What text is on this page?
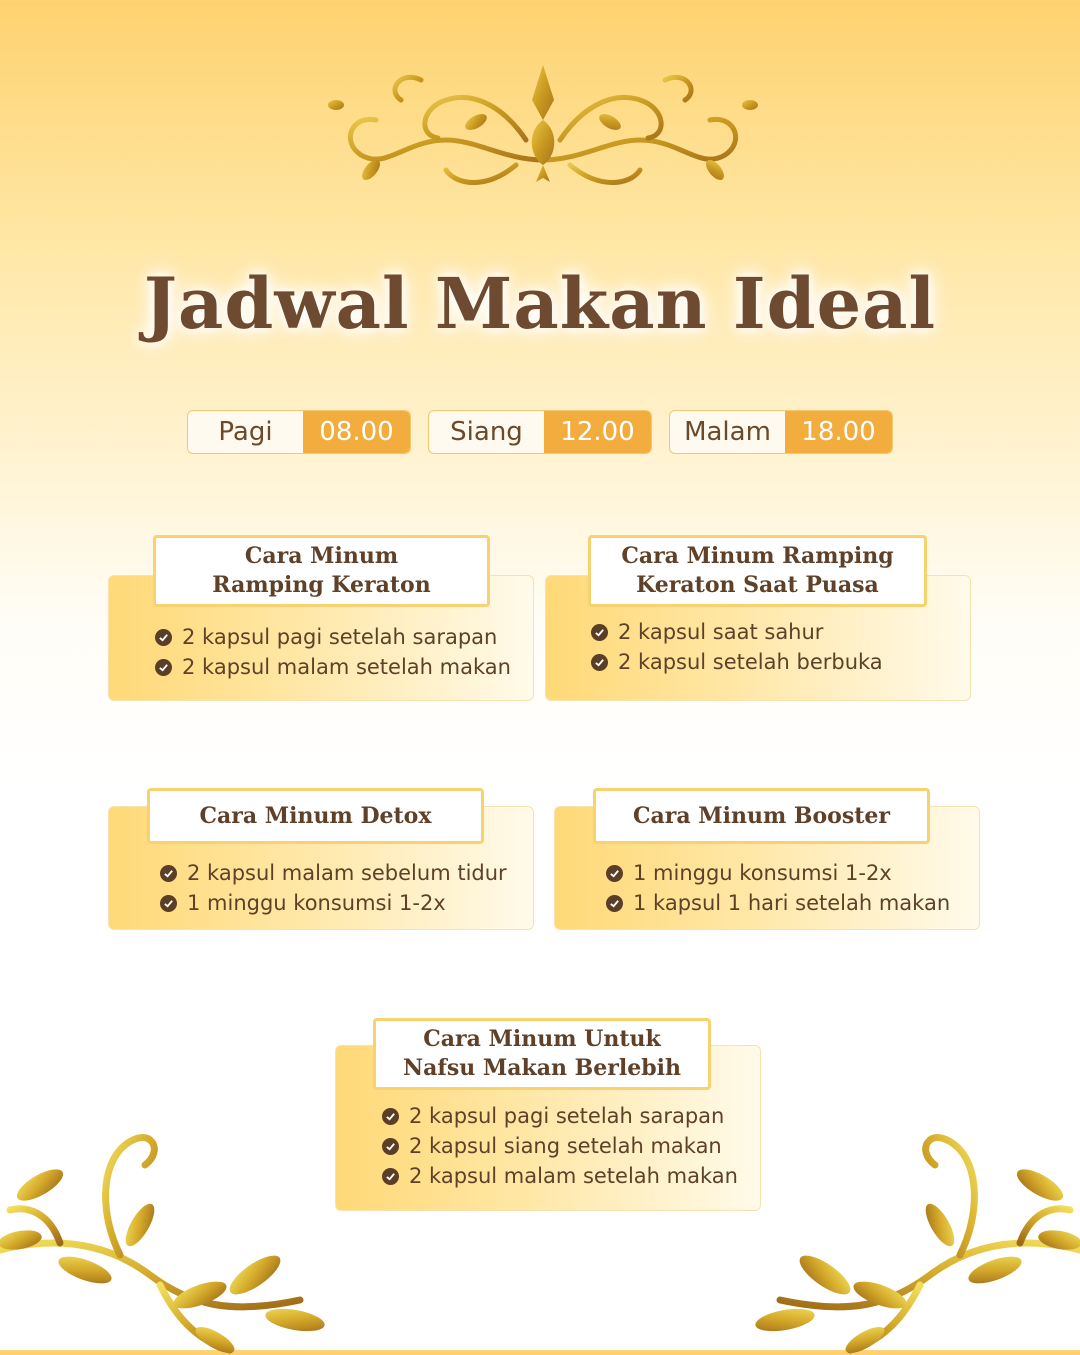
Jadwal Makan Ideal
Pagi	08.00	Siang	12.00	Malam	18.00
Cara Minum
Ramping Keraton
2 kapsul pagi setelah sarapan
2 kapsul malam setelah makan
Cara Minum Ramping
Keraton Saat Puasa
2 kapsul saat sahur
2 kapsul setelah berbuka
Cara Minum Detox
2 kapsul malam sebelum tidur
1 minggu konsumsi 1-2x
Cara Minum Booster
1 minggu konsumsi 1-2x
1 kapsul 1 hari setelah makan
Cara Minum Untuk
Nafsu Makan Berlebih
2 kapsul pagi setelah sarapan
2 kapsul siang setelah makan
2 kapsul malam setelah makan
